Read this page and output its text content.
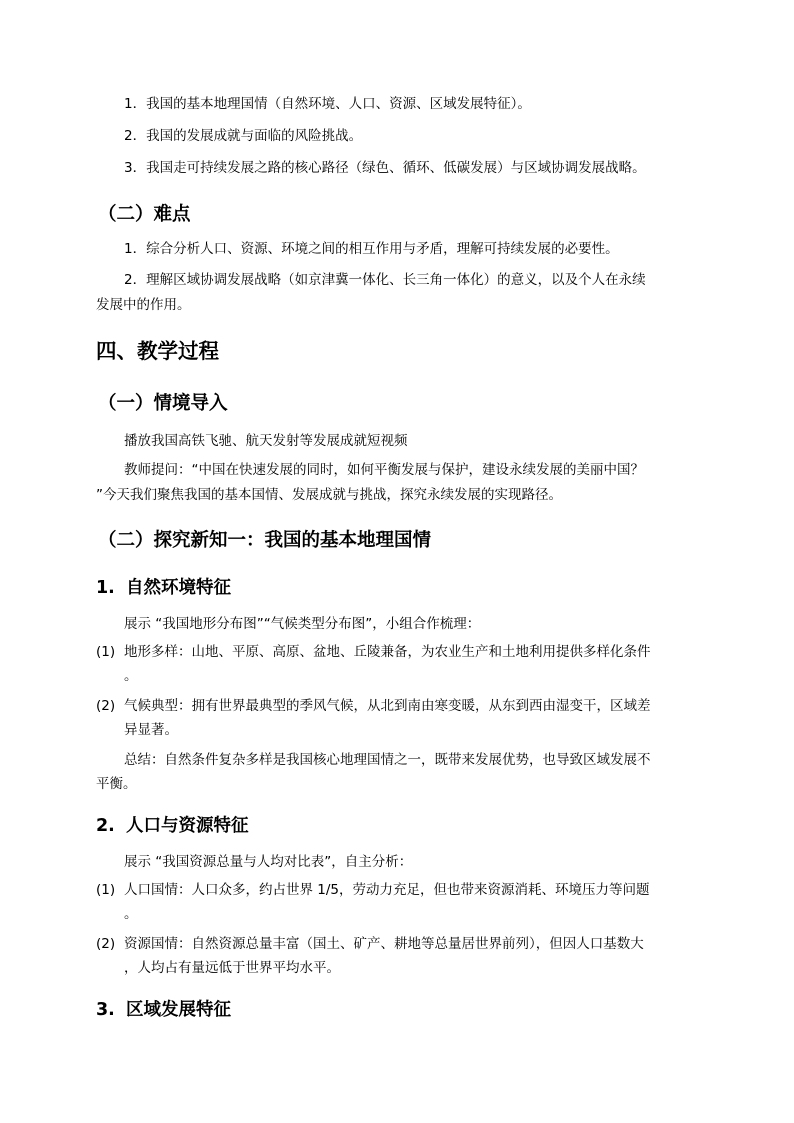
1．我国的基本地理国情（自然环境、人口、资源、区域发展特征）。
2．我国的发展成就与面临的风险挑战。
3．我国走可持续发展之路的核心路径（绿色、循环、低碳发展）与区域协调发展战略。
（二）难点
1．综合分析人口、资源、环境之间的相互作用与矛盾，理解可持续发展的必要性。
2．理解区域协调发展战略（如京津冀一体化、长三角一体化）的意义，以及个人在永续
发展中的作用。
四、教学过程
（一）情境导入
播放我国高铁飞驰、航天发射等发展成就短视频
教师提问：“中国在快速发展的同时，如何平衡发展与保护，建设永续发展的美丽中国？
”今天我们聚焦我国的基本国情、发展成就与挑战，探究永续发展的实现路径。
（二）探究新知一：我国的基本地理国情
1. 自然环境特征
展示 “我国地形分布图”“气候类型分布图”，小组合作梳理：
(1) 地形多样：山地、平原、高原、盆地、丘陵兼备，为农业生产和土地利用提供多样化条件
。
(2) 气候典型：拥有世界最典型的季风气候，从北到南由寒变暖，从东到西由湿变干，区域差
异显著。
总结：自然条件复杂多样是我国核心地理国情之一，既带来发展优势，也导致区域发展不
平衡。
2. 人口与资源特征
展示 “我国资源总量与人均对比表”，自主分析：
(1) 人口国情：人口众多，约占世界 1/5，劳动力充足，但也带来资源消耗、环境压力等问题
。
(2) 资源国情：自然资源总量丰富（国土、矿产、耕地等总量居世界前列），但因人口基数大
，人均占有量远低于世界平均水平。
3. 区域发展特征
